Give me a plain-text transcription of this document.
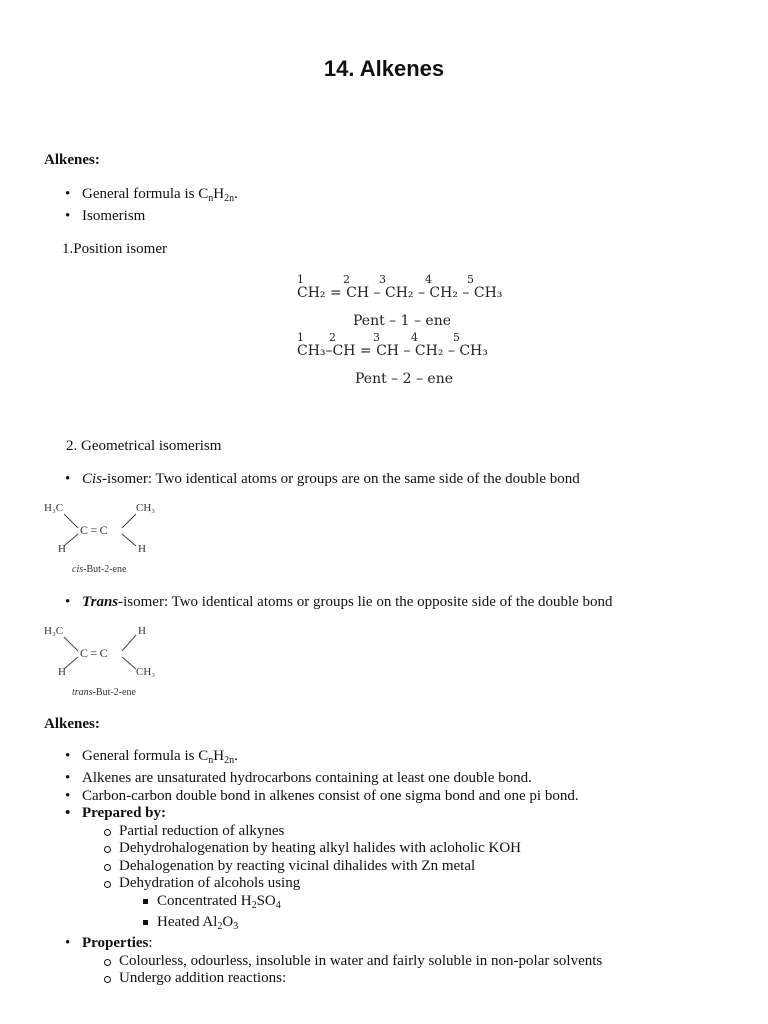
14. Alkenes
Alkenes:
• General formula is $C_nH_{2n}$.
• Isomerism
1.Position isomer
1	2	3	4	5
CH₂ = CH – CH₂ – CH₂ – CH₃
Pent – 1 – ene
1 2	3	4	5
CH₃–CH = CH – CH₂ – CH₃
Pent – 2 – ene
2. Geometrical isomerism
• Cis-isomer: Two identical atoms or groups are on the same side of the double bond
H₃C	CH₃
C = C
H	H
cis-But-2-ene
• Trans-isomer: Two identical atoms or groups lie on the opposite side of the double bond
H₃C	H
C = C
H	CH₃
trans-But-2-ene
Alkenes:
• General formula is $C_nH_{2n}$.
• Alkenes are unsaturated hydrocarbons containing at least one double bond.
• Carbon-carbon double bond in alkenes consist of one sigma bond and one pi bond.
• Prepared by:
Partial reduction of alkynes
Dehydrohalogenation by heating alkyl halides with acloholic KOH
Dehalogenation by reacting vicinal dihalides with Zn metal
Dehydration of alcohols using
Concentrated $H_2SO_4$
Heated $Al_2O_3$
• Properties:
Colourless, odourless, insoluble in water and fairly soluble in non-polar solvents
Undergo addition reactions:
